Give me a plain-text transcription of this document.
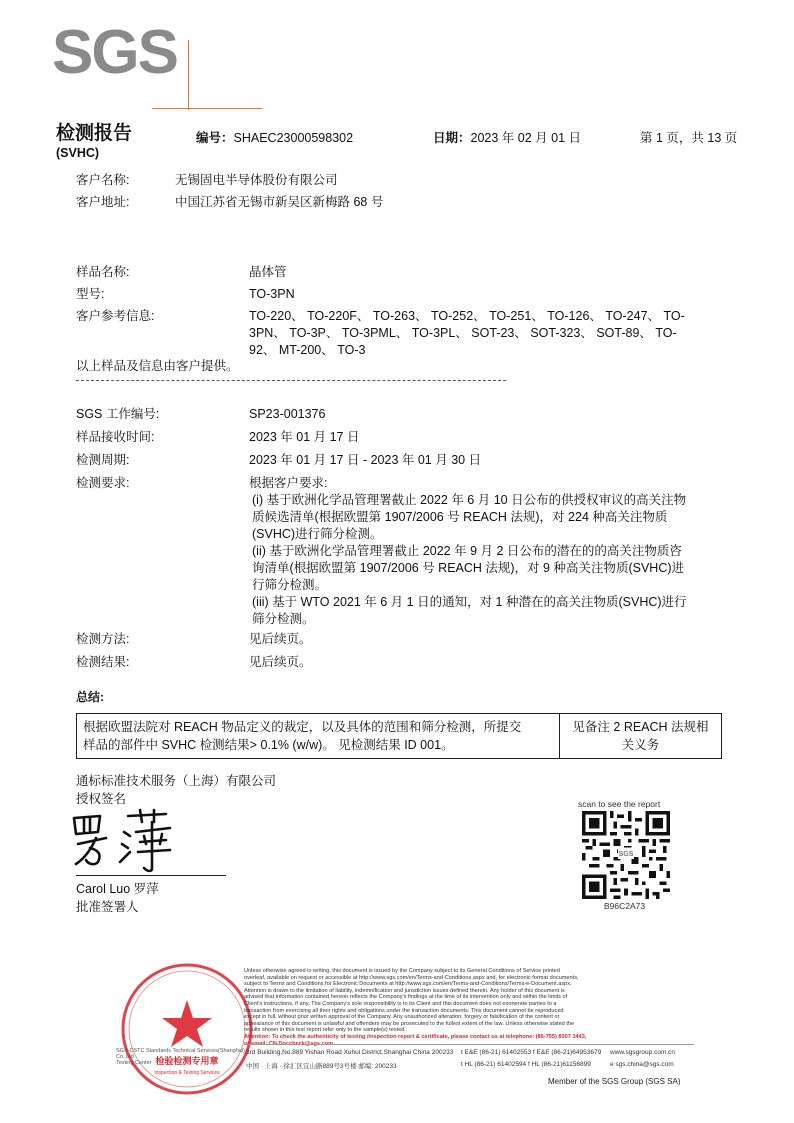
SGS
检测报告
(SVHC)
编号：SHAEC23000598302	日期：2023 年 02 月 01 日	第 1 页，共 13 页
客户名称:	无锡固电半导体股份有限公司
客户地址:	中国江苏省无锡市新吴区新梅路 68 号
样品名称:	晶体管
型号:	TO-3PN
客户参考信息:	TO-220、 TO-220F、 TO-263、 TO-252、 TO-251、 TO-126、 TO-247、 TO-
3PN、 TO-3P、 TO-3PML、 TO-3PL、 SOT-23、 SOT-323、 SOT-89、 TO-
92、 MT-200、 TO-3
以上样品及信息由客户提供。
SGS 工作编号:	SP23-001376
样品接收时间:	2023 年 01 月 17 日
检测周期:	2023 年 01 月 17 日 - 2023 年 01 月 30 日
检测要求:	根据客户要求:
(i) 基于欧洲化学品管理署截止 2022 年 6 月 10 日公布的供授权审议的高关注物
质候选清单(根据欧盟第 1907/2006 号 REACH 法规)，对 224 种高关注物质
(SVHC)进行筛分检测。
(ii) 基于欧洲化学品管理署截止 2022 年 9 月 2 日公布的潜在的的高关注物质咨
询清单(根据欧盟第 1907/2006 号 REACH 法规)，对 9 种高关注物质(SVHC)进
行筛分检测。
(iii) 基于 WTO 2021 年 6 月 1 日的通知，对 1 种潜在的高关注物质(SVHC)进行
筛分检测。
检测方法:	见后续页。
检测结果:	见后续页。
总结:
根据欧盟法院对 REACH 物品定义的裁定，以及具体的范围和筛分检测，所提交
样品的部件中 SVHC 检测结果> 0.1% (w/w)。 见检测结果 ID 001。

见备注 2 REACH 法规相
关义务
通标标准技术服务（上海）有限公司
授权签名
Carol Luo 罗萍
批准签署人
scan to see the report
SGS
B96C2A73
检验检测专用章
Inspection & Testing Services
SGS-CSTC Standards Technical Services(Shanghai) Co.,Ltd
Testing Center
Unless otherwise agreed in writing, this document is issued by the Company subject to its General Conditions of Service printed
overleaf, available on request or accessible at http://www.sgs.com/en/Terms-and-Conditions.aspx and, for electronic format documents,
subject to Terms and Conditions for Electronic Documents at http://www.sgs.com/en/Terms-and-Conditions/Terms-e-Document.aspx.
Attention is drawn to the limitation of liability, indemnification and jurisdiction issues defined therein. Any holder of this document is
advised that information contained hereon reflects the Company's findings at the time of its intervention only and within the limits of
Client's instructions, if any. The Company's sole responsibility is to its Client and this document does not exonerate parties to a
transaction from exercising all their rights and obligations under the transaction documents. This document cannot be reproduced
except in full, without prior written approval of the Company. Any unauthorized alteration, forgery or falsification of the content or
appearance of this document is unlawful and offenders may be prosecuted to the fullest extent of the law. Unless otherwise stated the
results shown in this test report refer only to the sample(s) tested .
Attention: To check the authenticity of testing /inspection report & certificate, please contact us at telephone: (86-755) 8307 1443,
or email: CN.Doccheck@sgs.com
3rd Building,No.889 Yishan Road Xuhui District,Shanghai China 200233
中国 · 上海 · 徐汇区宜山路889号3号楼 邮编: 200233
t E&E (86-21) 61402553 f E&E (86-21)64953679
t HL (86-21) 61402594 f HL (86-21)61156899
www.sgsgroup.com.cn
e sgs.china@sgs.com
Member of the SGS Group (SGS SA)
